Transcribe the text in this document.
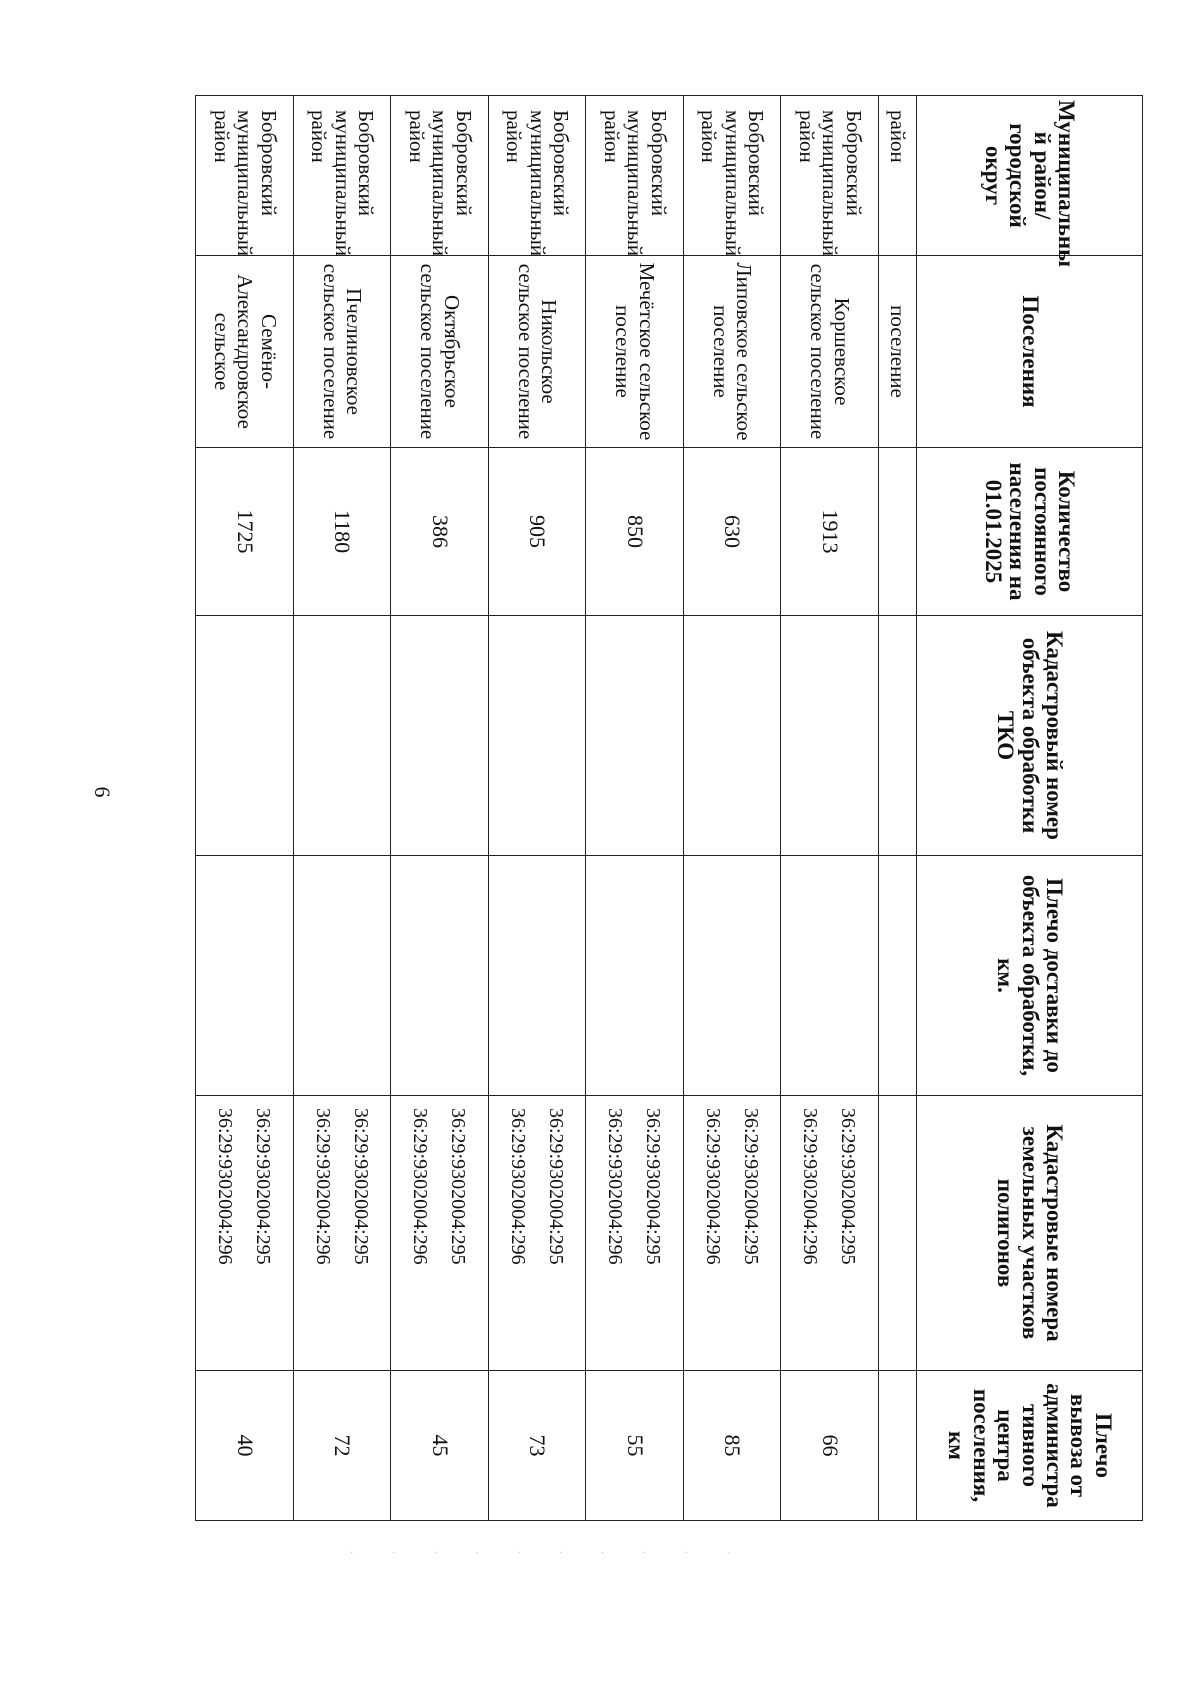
6
Муниципальны й район/ городской округ	Поселения	Количество постоянного населения на 01.01.2025	Кадастровый номер объекта обработки ТКО	Плечо доставки до объекта обработки, км.	Кадастровые номера земельных участков полигонов	Плечо вывоза от администра тивного центра поселения, км
район	поселение					
Бобровский муниципальный район	Коршевское сельское поселение	1913			36:29:9302004:295
36:29:9302004:296	66
Бобровский муниципальный район	Липовское сельское поселение	630			36:29:9302004:295
36:29:9302004:296	85
Бобровский муниципальный район	Мечётское сельское поселение	850			36:29:9302004:295
36:29:9302004:296	55
Бобровский муниципальный район	Никольское сельское поселение	905			36:29:9302004:295
36:29:9302004:296	73
Бобровский муниципальный район	Октябрьское сельское поселение	386			36:29:9302004:295
36:29:9302004:296	45
Бобровский муниципальный район	Пчелиновское сельское поселение	1180			36:29:9302004:295
36:29:9302004:296	72
Бобровский муниципальный район	Семёно- Александровское сельское	1725			36:29:9302004:295
36:29:9302004:296	40
· · · · · · · · · ·
